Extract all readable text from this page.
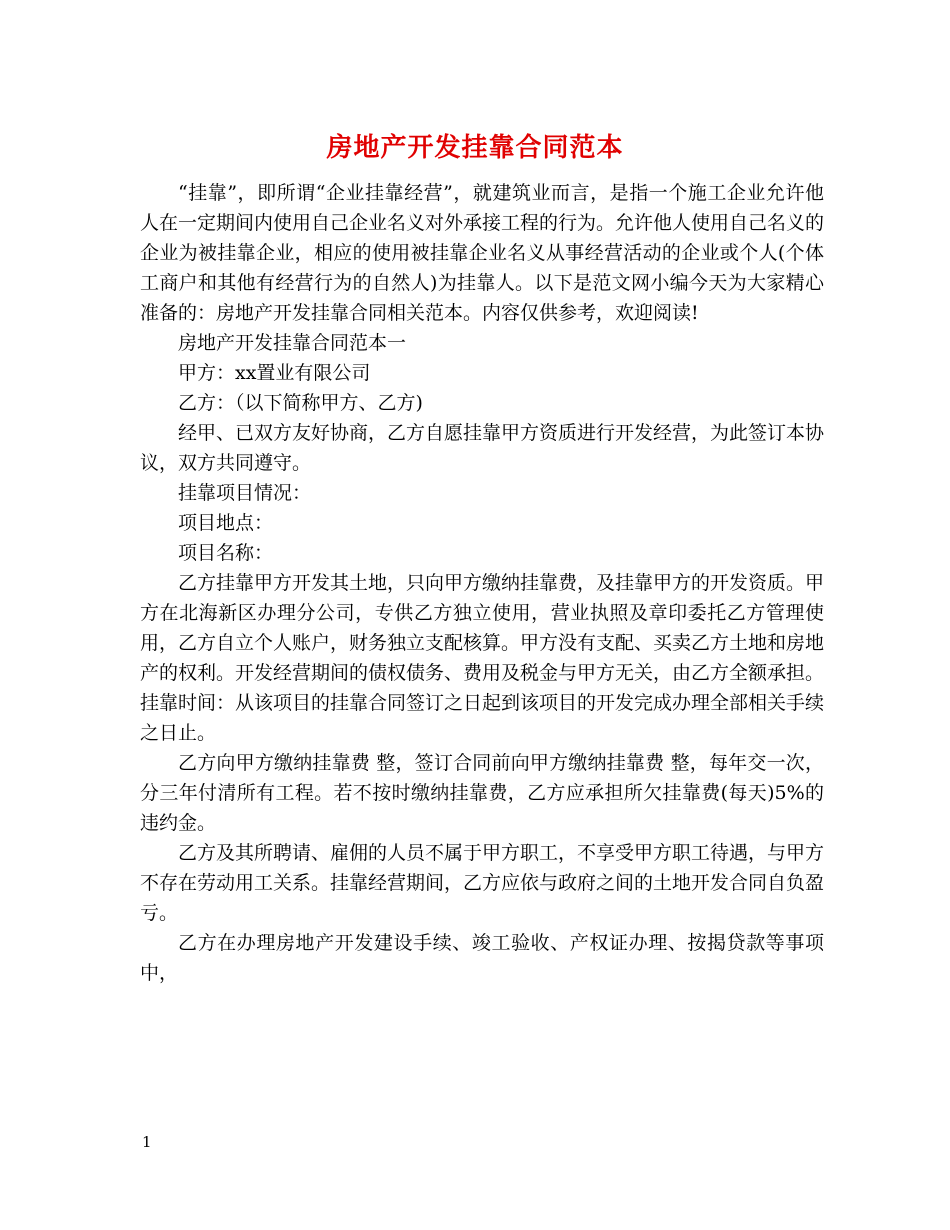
房地产开发挂靠合同范本

“挂靠”，即所谓“企业挂靠经营”，就建筑业而言，是指一个施工企业允许他人在一定期间内使用自己企业名义对外承接工程的行为。允许他人使用自己名义的企业为被挂靠企业，相应的使用被挂靠企业名义从事经营活动的企业或个人(个体工商户和其他有经营行为的自然人)为挂靠人。以下是范文网小编今天为大家精心准备的：房地产开发挂靠合同相关范本。内容仅供参考，欢迎阅读!

房地产开发挂靠合同范本一

甲方：xx置业有限公司

乙方：（以下简称甲方、乙方)

经甲、已双方友好协商，乙方自愿挂靠甲方资质进行开发经营，为此签订本协议，双方共同遵守。

挂靠项目情况：

项目地点：

项目名称：

乙方挂靠甲方开发其土地，只向甲方缴纳挂靠费，及挂靠甲方的开发资质。甲方在北海新区办理分公司，专供乙方独立使用，营业执照及章印委托乙方管理使用，乙方自立个人账户，财务独立支配核算。甲方没有支配、买卖乙方土地和房地产的权利。开发经营期间的债权债务、费用及税金与甲方无关，由乙方全额承担。挂靠时间：从该项目的挂靠合同签订之日起到该项目的开发完成办理全部相关手续之日止。

乙方向甲方缴纳挂靠费 整，签订合同前向甲方缴纳挂靠费 整，每年交一次，分三年付清所有工程。若不按时缴纳挂靠费，乙方应承担所欠挂靠费(每天)5%的违约金。

乙方及其所聘请、雇佣的人员不属于甲方职工，不享受甲方职工待遇，与甲方不存在劳动用工关系。挂靠经营期间，乙方应依与政府之间的土地开发合同自负盈亏。

乙方在办理房地产开发建设手续、竣工验收、产权证办理、按揭贷款等事项中，

1
